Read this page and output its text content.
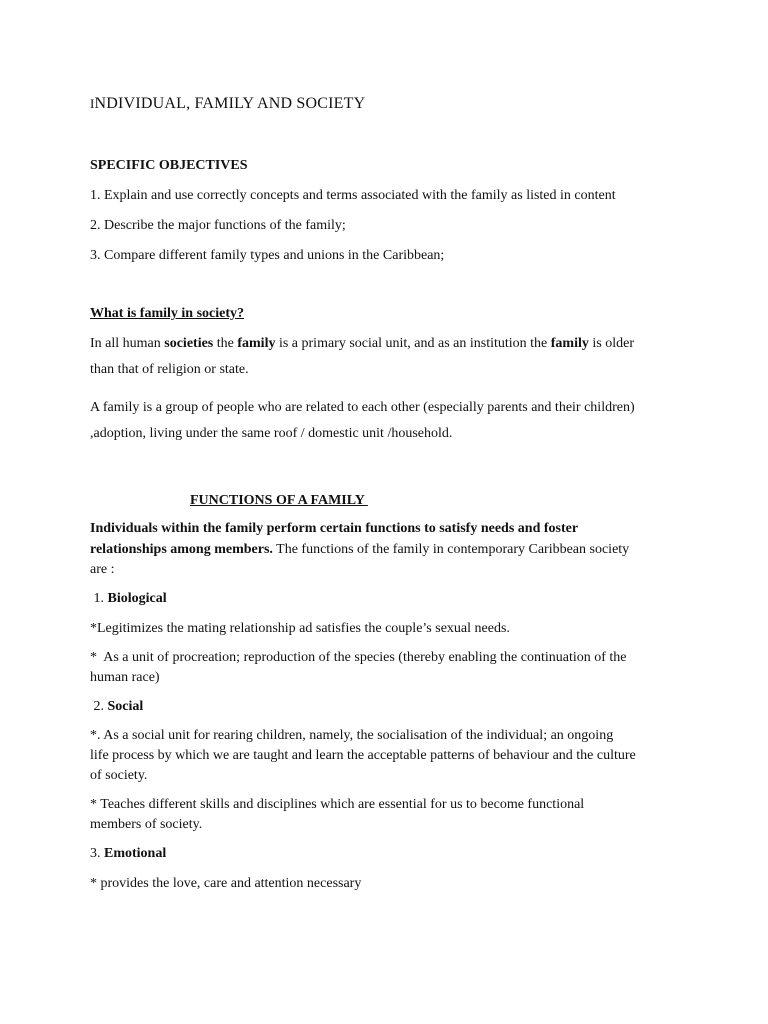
INDIVIDUAL, FAMILY AND SOCIETY
SPECIFIC OBJECTIVES
1. Explain and use correctly concepts and terms associated with the family as listed in content
2. Describe the major functions of the family;
3. Compare different family types and unions in the Caribbean;
What is family in society?
In all human societies the family is a primary social unit, and as an institution the family is older
than that of religion or state.
A family is a group of people who are related to each other (especially parents and their children)
,adoption, living under the same roof / domestic unit /household.
FUNCTIONS OF A FAMILY
Individuals within the family perform certain functions to satisfy needs and foster
relationships among members. The functions of the family in contemporary Caribbean society
are :
1. Biological
*Legitimizes the mating relationship ad satisfies the couple’s sexual needs.
*  As a unit of procreation; reproduction of the species (thereby enabling the continuation of the
human race)
2. Social
*. As a social unit for rearing children, namely, the socialisation of the individual; an ongoing
life process by which we are taught and learn the acceptable patterns of behaviour and the culture
of society.
* Teaches different skills and disciplines which are essential for us to become functional
members of society.
3. Emotional
* provides the love, care and attention necessary
